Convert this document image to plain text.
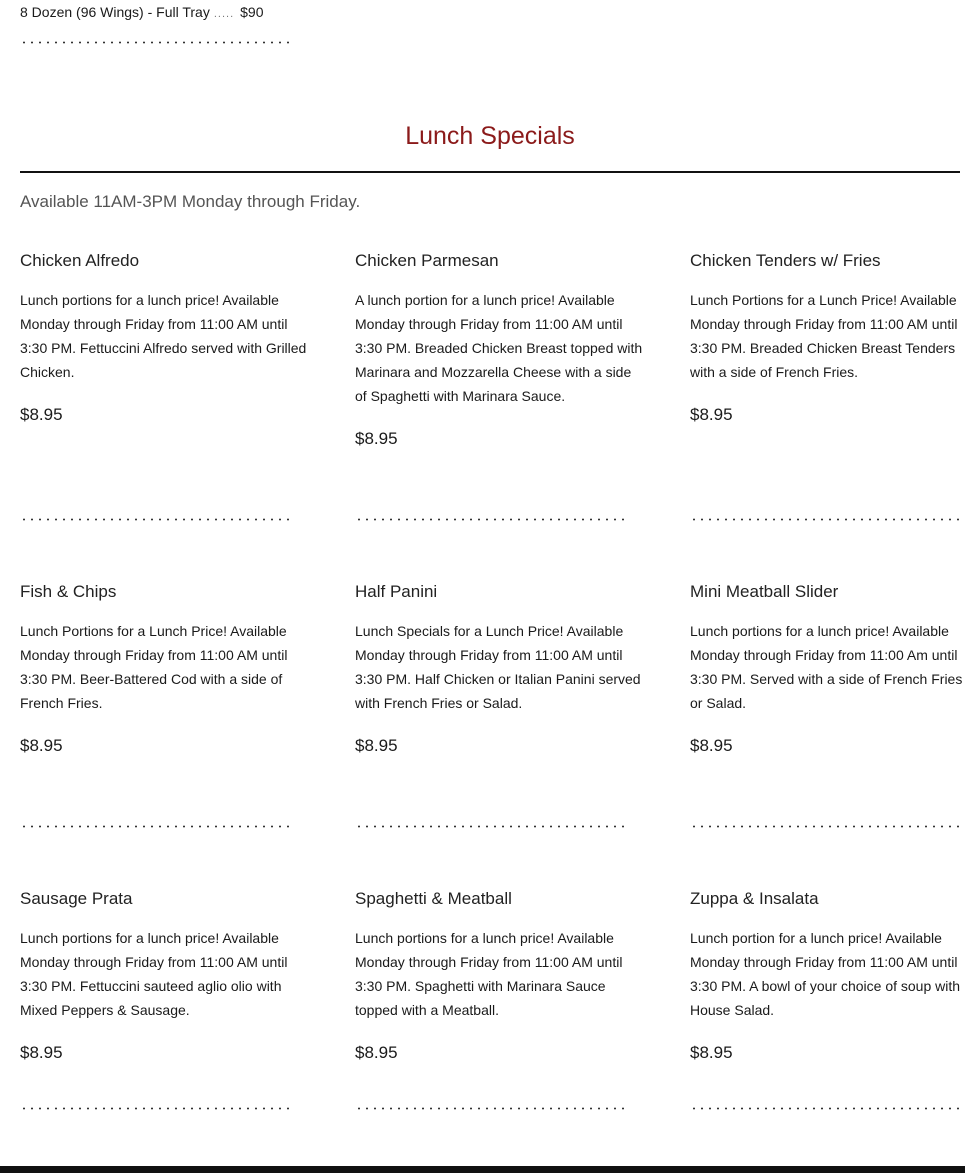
8 Dozen (96 Wings) - Full Tray ..... $90
Lunch Specials
Available 11AM-3PM Monday through Friday.
Chicken Alfredo

Lunch portions for a lunch price! Available Monday through Friday from 11:00 AM until 3:30 PM. Fettuccini Alfredo served with Grilled Chicken.

$8.95
Chicken Parmesan

A lunch portion for a lunch price! Available Monday through Friday from 11:00 AM until 3:30 PM. Breaded Chicken Breast topped with Marinara and Mozzarella Cheese with a side of Spaghetti with Marinara Sauce.

$8.95
Chicken Tenders w/ Fries

Lunch Portions for a Lunch Price! Available Monday through Friday from 11:00 AM until 3:30 PM. Breaded Chicken Breast Tenders with a side of French Fries.

$8.95
Fish & Chips

Lunch Portions for a Lunch Price! Available Monday through Friday from 11:00 AM until 3:30 PM. Beer-Battered Cod with a side of French Fries.

$8.95
Half Panini

Lunch Specials for a Lunch Price! Available Monday through Friday from 11:00 AM until 3:30 PM. Half Chicken or Italian Panini served with French Fries or Salad.

$8.95
Mini Meatball Slider

Lunch portions for a lunch price! Available Monday through Friday from 11:00 Am until 3:30 PM. Served with a side of French Fries or Salad.

$8.95
Sausage Prata

Lunch portions for a lunch price! Available Monday through Friday from 11:00 AM until 3:30 PM. Fettuccini sauteed aglio olio with Mixed Peppers & Sausage.

$8.95
Spaghetti & Meatball

Lunch portions for a lunch price! Available Monday through Friday from 11:00 AM until 3:30 PM. Spaghetti with Marinara Sauce topped with a Meatball.

$8.95
Zuppa & Insalata

Lunch portion for a lunch price! Available Monday through Friday from 11:00 AM until 3:30 PM. A bowl of your choice of soup with House Salad.

$8.95
